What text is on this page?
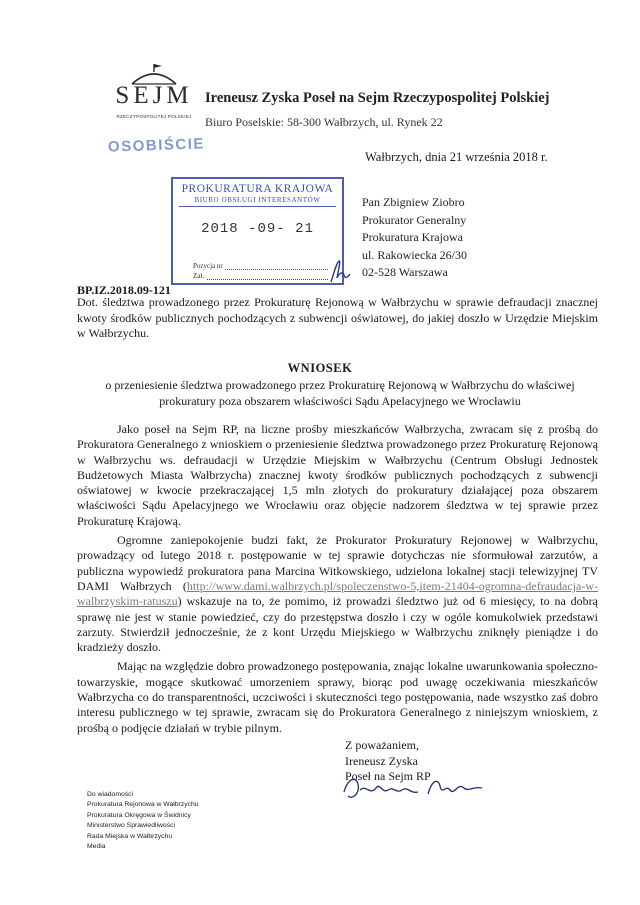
SEJM
RZECZYPOSPOLITEJ POLSKIEJ
Ireneusz Zyska Poseł na Sejm Rzeczypospolitej Polskiej
Biuro Poselskie: 58-300 Wałbrzych, ul. Rynek 22
OSOBIŚCIE
Wałbrzych, dnia 21 września 2018 r.
PROKURATURA KRAJOWA
BIURO OBSŁUGI INTERESANTÓW
2018 -09- 21
Pozycja nr
Zał.
Pan Zbigniew Ziobro
Prokurator Generalny
Prokuratura Krajowa
ul. Rakowiecka 26/30
02-528 Warszawa
BP.IZ.2018.09-121
Dot. śledztwa prowadzonego przez Prokuraturę Rejonową w Wałbrzychu w sprawie defraudacji znacznej kwoty środków publicznych pochodzących z subwencji oświatowej, do jakiej doszło w Urzędzie Miejskim w Wałbrzychu.
WNIOSEK
o przeniesienie śledztwa prowadzonego przez Prokuraturę Rejonową w Wałbrzychu do właściwej prokuratury poza obszarem właściwości Sądu Apelacyjnego we Wrocławiu

Jako poseł na Sejm RP, na liczne prośby mieszkańców Wałbrzycha, zwracam się z prośbą do Prokuratora Generalnego z wnioskiem o przeniesienie śledztwa prowadzonego przez Prokuraturę Rejonową w Wałbrzychu ws. defraudacji w Urzędzie Miejskim w Wałbrzychu (Centrum Obsługi Jednostek Budżetowych Miasta Wałbrzycha) znacznej kwoty środków publicznych pochodzących z subwencji oświatowej w kwocie przekraczającej 1,5 mln złotych do prokuratury działającej poza obszarem właściwości Sądu Apelacyjnego we Wrocławiu oraz objęcie nadzorem śledztwa w tej sprawie przez Prokuraturę Krajową.

Ogromne zaniepokojenie budzi fakt, że Prokurator Prokuratury Rejonowej w Wałbrzychu, prowadzący od lutego 2018 r. postępowanie w tej sprawie dotychczas nie sformułował zarzutów, a publiczna wypowiedź prokuratora pana Marcina Witkowskiego, udzielona lokalnej stacji telewizyjnej TV DAMI Wałbrzych (http://www.dami.walbrzych.pl/spoleczenstwo-5,item-21404-ogromna-defraudacja-w-walbrzyskim-ratuszu) wskazuje na to, że pomimo, iż prowadzi śledztwo już od 6 miesięcy, to na dobrą sprawę nie jest w stanie powiedzieć, czy do przestępstwa doszło i czy w ogóle komukolwiek przedstawi zarzuty. Stwierdził jednocześnie, że z kont Urzędu Miejskiego w Wałbrzychu zniknęły pieniądze i do kradzieży doszło.

Mając na względzie dobro prowadzonego postępowania, znając lokalne uwarunkowania społeczno-towarzyskie, mogące skutkować umorzeniem sprawy, biorąc pod uwagę oczekiwania mieszkańców Wałbrzycha co do transparentności, uczciwości i skuteczności tego postępowania, nade wszystko zaś dobro interesu publicznego w tej sprawie, zwracam się do Prokuratora Generalnego z niniejszym wnioskiem, z prośbą o podjęcie działań w trybie pilnym.

Z poważaniem,
Ireneusz Zyska
Poseł na Sejm RP
Do wiadomości
Prokuratura Rejonowa w Wałbrzychu
Prokuratura Okręgowa w Świdnicy
Ministerstwo Sprawiedliwości
Rada Miejska w Wałbrzychu
Media
